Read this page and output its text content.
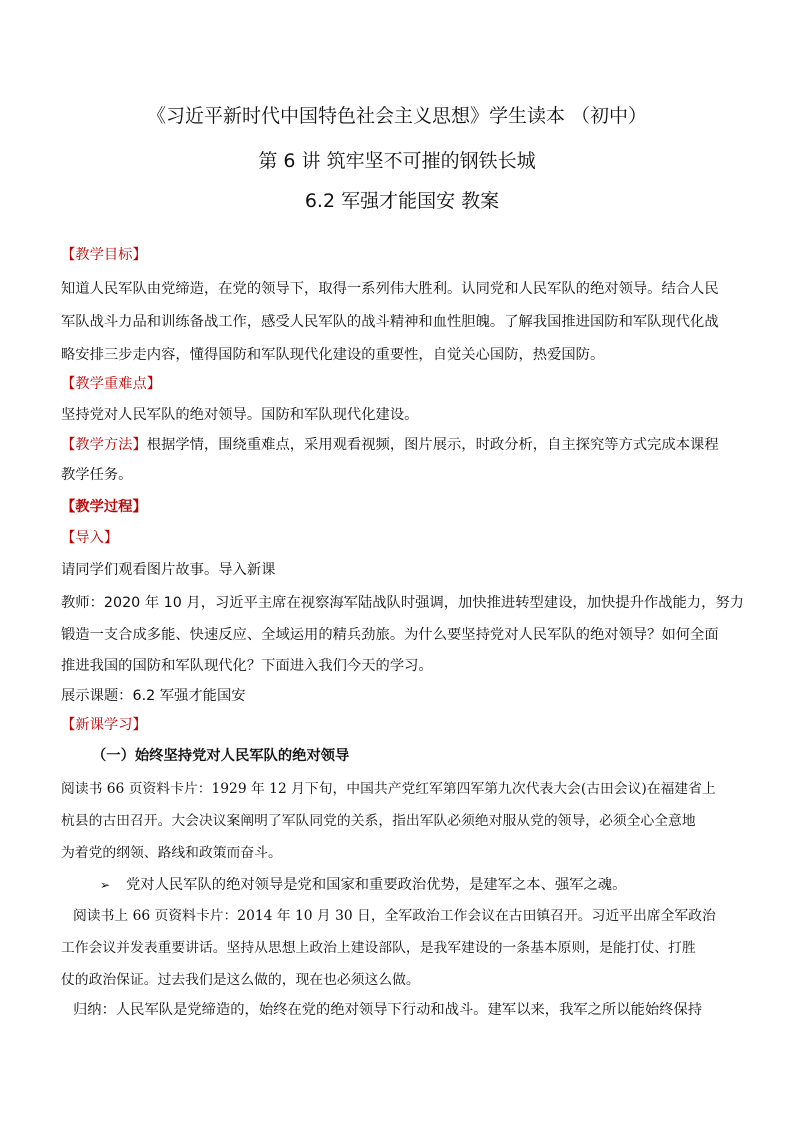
《习近平新时代中国特色社会主义思想》学生读本 （初中）
第 6 讲 筑牢坚不可摧的钢铁长城
6.2 军强才能国安 教案
【教学目标】
知道人民军队由党缔造，在党的领导下，取得一系列伟大胜利。认同党和人民军队的绝对领导。结合人民
军队战斗力品和训练备战工作，感受人民军队的战斗精神和血性胆魄。了解我国推进国防和军队现代化战
略安排三步走内容，懂得国防和军队现代化建设的重要性，自觉关心国防，热爱国防。
【教学重难点】
坚持党对人民军队的绝对领导。国防和军队现代化建设。
【教学方法】根据学情，围绕重难点，采用观看视频，图片展示，时政分析，自主探究等方式完成本课程
教学任务。
【教学过程】
【导入】
请同学们观看图片故事。导入新课
教师：2020 年 10 月，习近平主席在视察海军陆战队时强调，加快推进转型建设，加快提升作战能力，努力
锻造一支合成多能、快速反应、全域运用的精兵劲旅。为什么要坚持党对人民军队的绝对领导？如何全面
推进我国的国防和军队现代化？下面进入我们今天的学习。
展示课题：6.2 军强才能国安
【新课学习】
（一）始终坚持党对人民军队的绝对领导
阅读书 66 页资料卡片：1929 年 12 月下旬，中国共产党红军第四军第九次代表大会(古田会议)在福建省上
杭县的古田召开。大会决议案阐明了军队同党的关系，指出军队必须绝对服从党的领导，必须全心全意地
为着党的纲领、路线和政策而奋斗。
➢ 党对人民军队的绝对领导是党和国家和重要政治优势，是建军之本、强军之魂。
阅读书上 66 页资料卡片：2014 年 10 月 30 日，全军政治工作会议在古田镇召开。习近平出席全军政治
工作会议并发表重要讲话。坚持从思想上政治上建设部队，是我军建设的一条基本原则，是能打仗、打胜
仗的政治保证。过去我们是这么做的，现在也必须这么做。
归纳：人民军队是党缔造的，始终在党的绝对领导下行动和战斗。建军以来，我军之所以能始终保持
